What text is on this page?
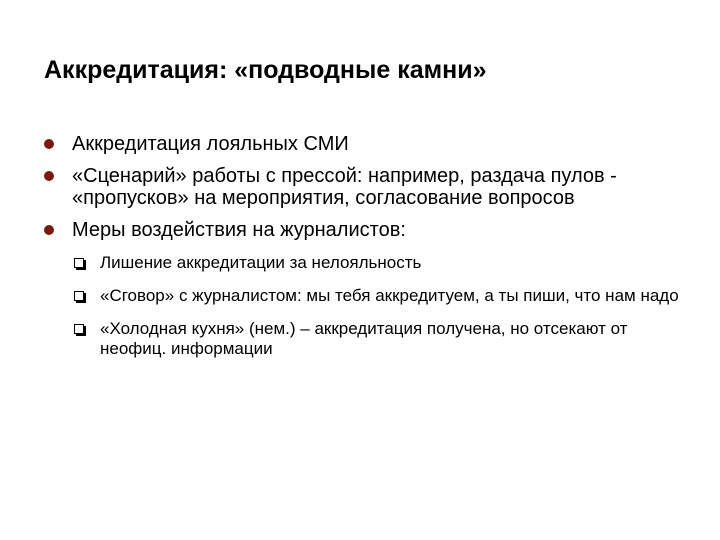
Аккредитация: «подводные камни»
Аккредитация лояльных СМИ
«Сценарий» работы с прессой: например, раздача пулов - «пропусков» на мероприятия, согласование вопросов
Меры воздействия на журналистов:
Лишение аккредитации за нелояльность
«Сговор» с журналистом: мы тебя аккредитуем, а ты пиши, что нам надо
«Холодная кухня» (нем.) – аккредитация получена, но отсекают от неофиц. информации
